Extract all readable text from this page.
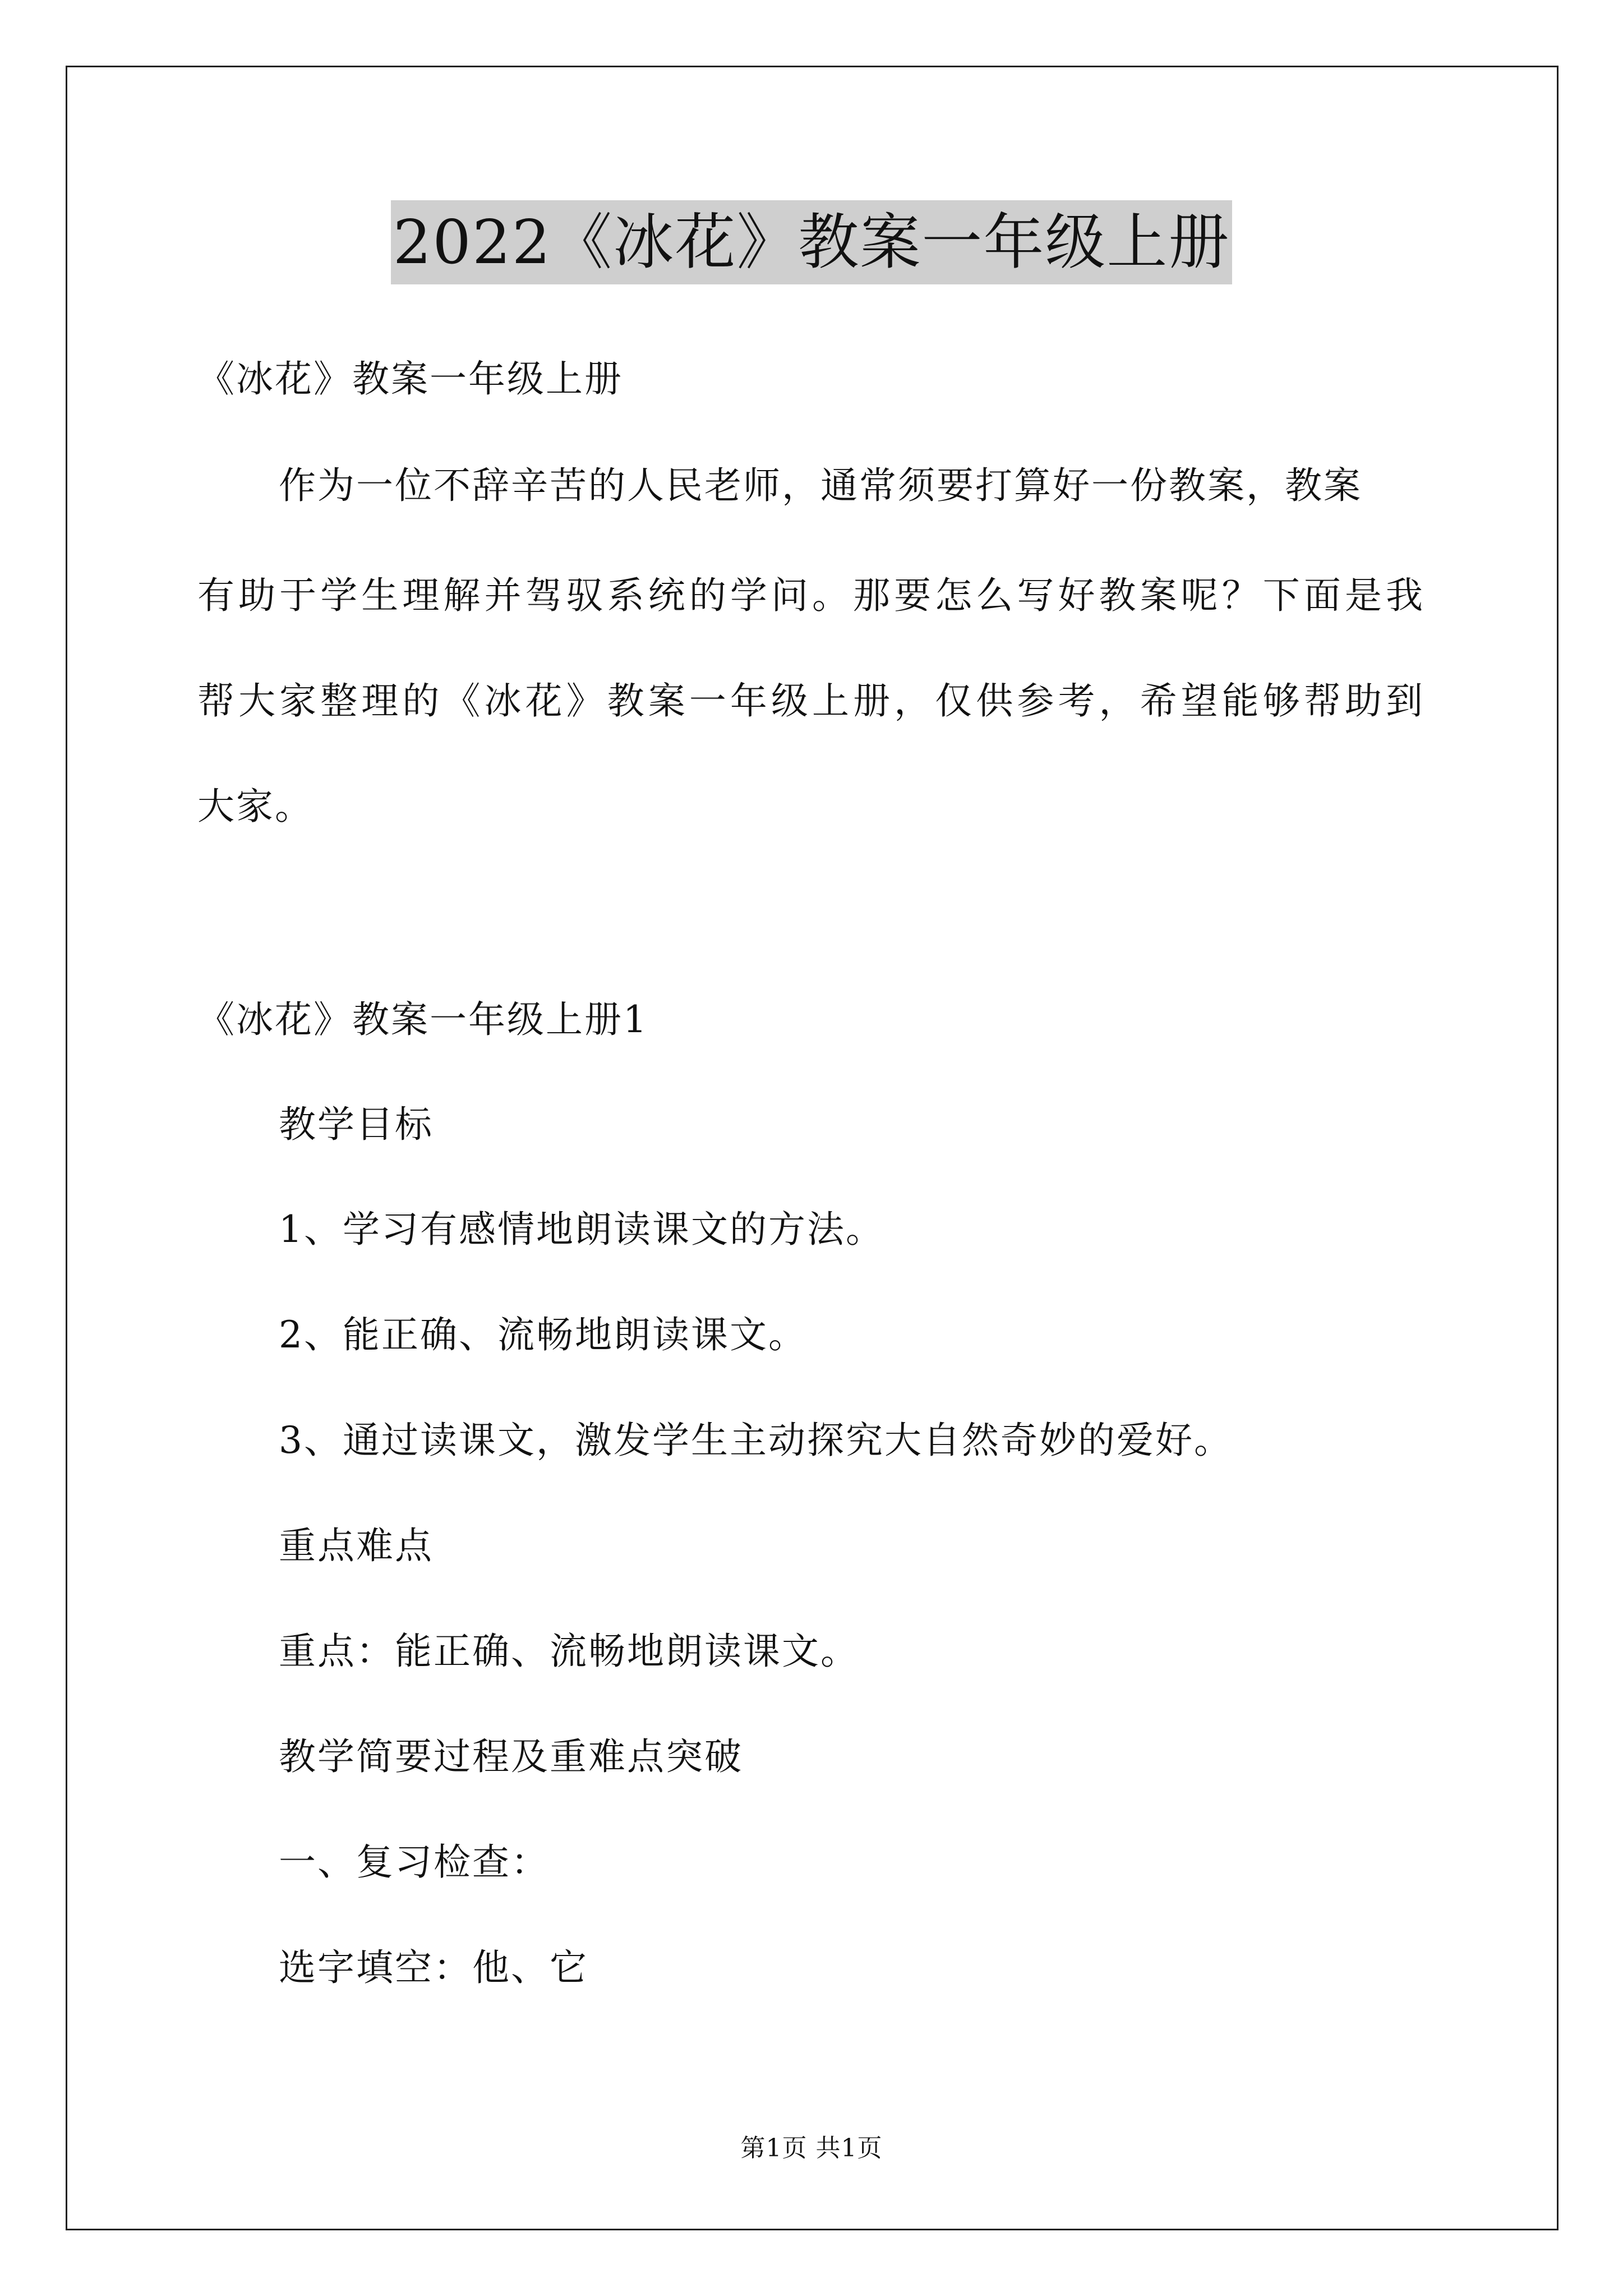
2022《冰花》教案一年级上册
《冰花》教案一年级上册
作为一位不辞辛苦的人民老师，通常须要打算好一份教案，教案
有助于学生理解并驾驭系统的学问。那要怎么写好教案呢？下面是我
帮大家整理的《冰花》教案一年级上册，仅供参考，希望能够帮助到
大家。
《冰花》教案一年级上册1
教学目标
1、学习有感情地朗读课文的方法。
2、能正确、流畅地朗读课文。
3、通过读课文，激发学生主动探究大自然奇妙的爱好。
重点难点
重点：能正确、流畅地朗读课文。
教学简要过程及重难点突破
一、复习检查：
选字填空：他、它
第1页 共1页
